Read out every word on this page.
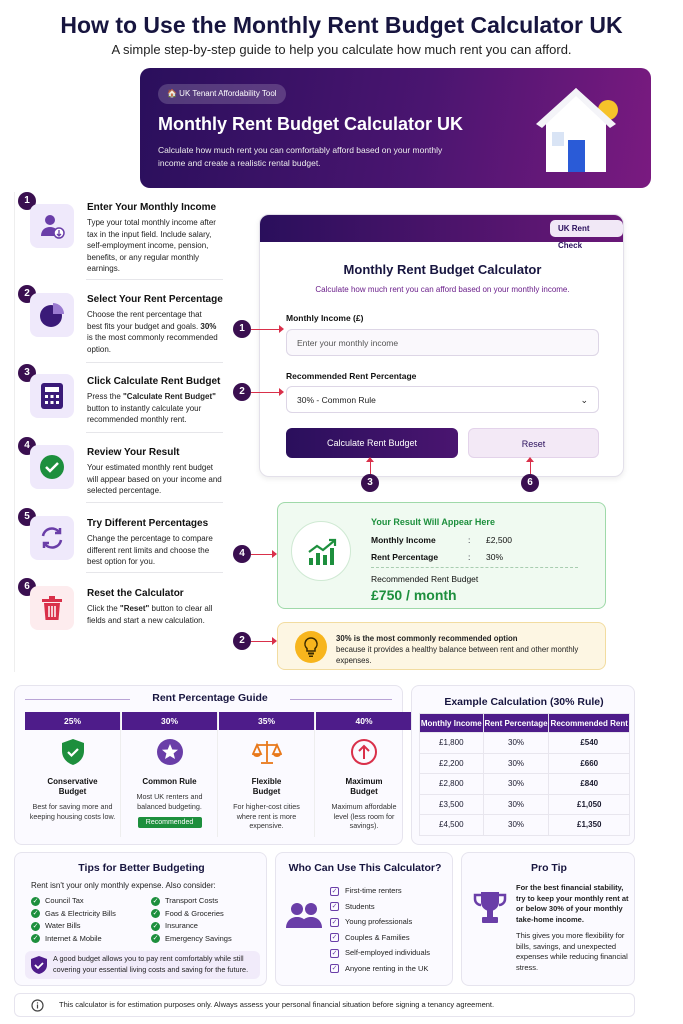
How to Use the Monthly Rent Budget Calculator UK
A simple step-by-step guide to help you calculate how much rent you can afford.
🏠 UK Tenant Affordability Tool
Monthly Rent Budget Calculator UK
Calculate how much rent you can comfortably afford based on your monthly income and create a realistic rental budget.
1
Enter Your Monthly Income
Type your total monthly income after tax in the input field. Include salary, self-employment income, pension, benefits, or any regular monthly earnings.
2
Select Your Rent Percentage
Choose the rent percentage that best fits your budget and goals. 30% is the most commonly recommended option.
3
Click Calculate Rent Budget
Press the "Calculate Rent Budget" button to instantly calculate your recommended monthly rent.
4
Review Your Result
Your estimated monthly rent budget will appear based on your income and selected percentage.
5
Try Different Percentages
Change the percentage to compare different rent limits and choose the best option for you.
6
Reset the Calculator
Click the "Reset" button to clear all fields and start a new calculation.
UK Rent Check
Monthly Rent Budget Calculator
Calculate how much rent you can afford based on your monthly income.
Monthly Income (£)
Enter your monthly income
Recommended Rent Percentage
30% - Common Rule	⌄
Calculate Rent Budget	Reset
1
2
3	6
4
2
Your Result Will Appear Here
Monthly Income	: £2,500
Rent Percentage	: 30%
Recommended Rent Budget
£750 / month
30% is the most commonly recommended option
because it provides a healthy balance between rent and other monthly expenses.
Rent Percentage Guide
25%
Conservative Budget
Best for saving more and keeping housing costs low.
30%
Common Rule
Most UK renters and balanced budgeting.
Recommended
35%
Flexible Budget
For higher-cost cities where rent is more expensive.
40%
Maximum Budget
Maximum affordable level (less room for savings).
Example Calculation (30% Rule)
Monthly Income	Rent Percentage	Recommended Rent
£1,800	30%	£540
£2,200	30%	£660
£2,800	30%	£840
£3,500	30%	£1,050
£4,500	30%	£1,350
Tips for Better Budgeting
Rent isn't your only monthly expense. Also consider:
✓ Council Tax
✓ Gas & Electricity Bills
✓ Water Bills
✓ Internet & Mobile
✓ Transport Costs
✓ Food & Groceries
✓ Insurance
✓ Emergency Savings
A good budget allows you to pay rent comfortably while still covering your essential living costs and saving for the future.
Who Can Use This Calculator?
✓ First-time renters
✓ Students
✓ Young professionals
✓ Couples & Families
✓ Self-employed individuals
✓ Anyone renting in the UK
Pro Tip
For the best financial stability, try to keep your monthly rent at or below 30% of your monthly take-home income.
This gives you more flexibility for bills, savings, and unexpected expenses while reducing financial stress.
This calculator is for estimation purposes only. Always assess your personal financial situation before signing a tenancy agreement.
